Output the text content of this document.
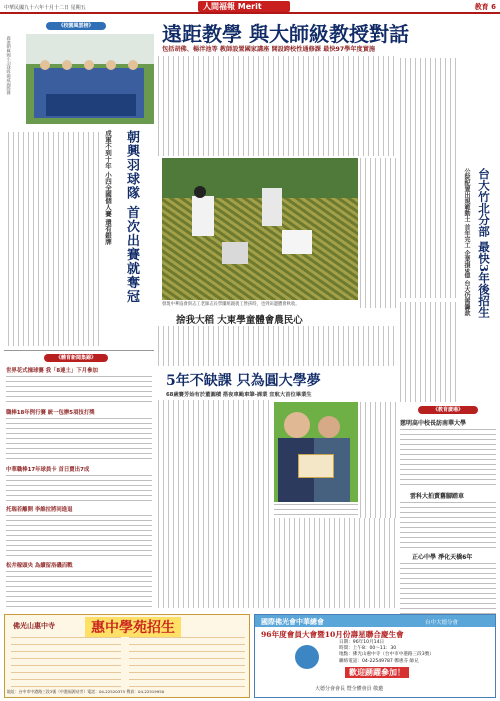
中華民國九十六年十月十二日 星期五	人間福報 Merit Times
教育 6
《校園風雲榜》
鹿港朝興國小羽球隊揚威國際賽
朝興羽球隊 首次出賽就奪冠
成軍不到十年 小四全國個人賽 還有銀牌
《體育新聞集錦》
世界花式撞球賽 我「8連土」下月參加
職棒18年例行賽 統一包辦5項技打獎
中華職棒17年球員卡 首日賣出7成
托瑞若離開 李維拉將同進退
松井稼頭央 為續留洛磯而戰
遠距教學 與大師級教授對話
包括胡佛、楊泮池等 教師設置國家講座 開設跨校性通修課 最快97學年度實施
發現中華協會與志工老師志長學團組親義工營孩時，也到田邊體會秋收。
捨我大稻 大東學童體會農民心
5年不缺課 只為圓大學夢
68歲賽芳始有於董圓積 搭夜車颱車筆-課業 宜航大首位畢業生
台大竹北分部 最快3年後招生
公院配置出規範動土 首年完工 企業損9億 台大仍需籌款
《教育廣場》
慈明高中校長訪南華大學
雲科大拍賣舊腳踏車
正心中學 淨化天橋6年
佛光山惠中寺	惠中學苑招生
地址：台中市中港路三段3號（中港福源站旁）電話：04-22520375 傳真：04-22519950
國際佛光會中華總會	台中大德分會
96年度會員大會暨10月份壽星聯合慶生會
日期：96年10月14日
時間：上午8：00～11：30
地點：佛光山惠中寺（台中市中港路三段3號）
聯絡電話：04-22549787 鄭惠芬 師兄
歡迎踴躍參加！
大德分會會長 暨全體會員 敬邀
